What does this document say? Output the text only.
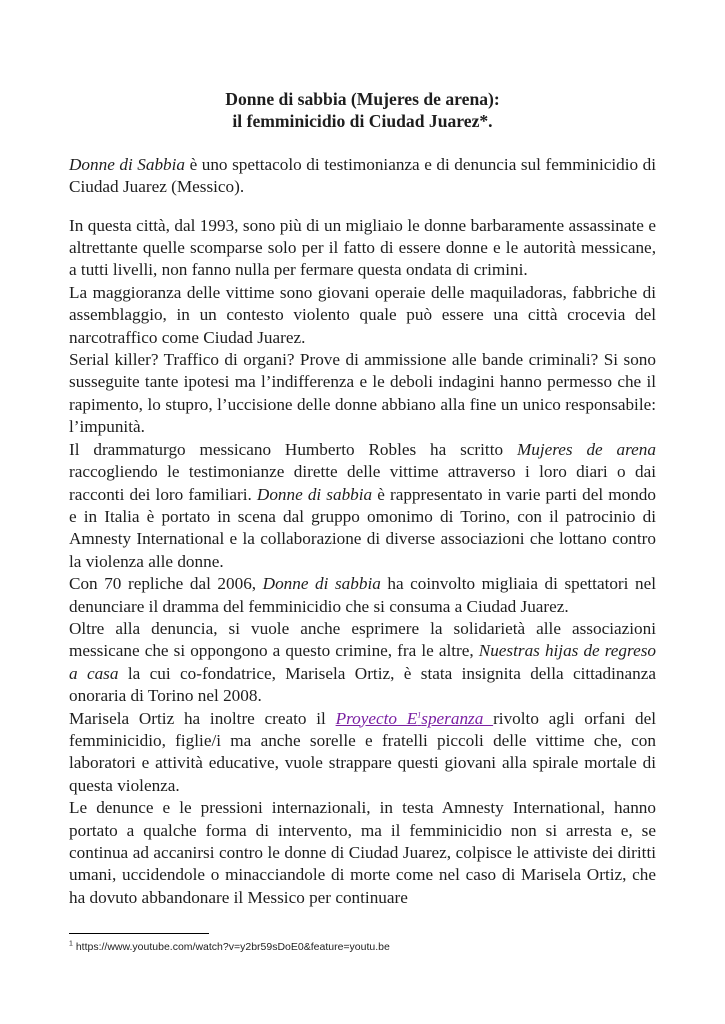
Donne di sabbia (Mujeres de arena):
il femminicidio di Ciudad Juarez*.

Donne di Sabbia è uno spettacolo di testimonianza e di denuncia sul femminicidio di Ciudad Juarez (Messico).

In questa città, dal 1993, sono più di un migliaio le donne barbaramente assassinate e altrettante quelle scomparse solo per il fatto di essere donne e le autorità messicane, a tutti livelli, non fanno nulla per fermare questa ondata di crimini.

La maggioranza delle vittime sono giovani operaie delle maquiladoras, fabbriche di assemblaggio, in un contesto violento quale può essere una città crocevia del narcotraffico come Ciudad Juarez.

Serial killer? Traffico di organi? Prove di ammissione alle bande criminali? Si sono susseguite tante ipotesi ma l’indifferenza e le deboli indagini hanno permesso che il rapimento, lo stupro, l’uccisione delle donne abbiano alla fine un unico responsabile: l’impunità.

Il drammaturgo messicano Humberto Robles ha scritto Mujeres de arena raccogliendo le testimonianze dirette delle vittime attraverso i loro diari o dai racconti dei loro familiari. Donne di sabbia è rappresentato in varie parti del mondo e in Italia è portato in scena dal gruppo omonimo di Torino, con il patrocinio di Amnesty International e la collaborazione di diverse associazioni che lottano contro la violenza alle donne.

Con 70 repliche dal 2006, Donne di sabbia ha coinvolto migliaia di spettatori nel denunciare il dramma del femminicidio che si consuma a Ciudad Juarez.

Oltre alla denuncia, si vuole anche esprimere la solidarietà alle associazioni messicane che si oppongono a questo crimine, fra le altre, Nuestras hijas de regreso a casa la cui co-fondatrice, Marisela Ortiz, è stata insignita della cittadinanza onoraria di Torino nel 2008.

Marisela Ortiz ha inoltre creato il Proyecto $E^1speranza$ rivolto agli orfani del femminicidio, figlie/i ma anche sorelle e fratelli piccoli delle vittime che, con laboratori e attività educative, vuole strappare questi giovani alla spirale mortale di questa violenza.

Le denunce e le pressioni internazionali, in testa Amnesty International, hanno portato a qualche forma di intervento, ma il femminicidio non si arresta e, se continua ad accanirsi contro le donne di Ciudad Juarez, colpisce le attiviste dei diritti umani, uccidendole o minacciandole di morte come nel caso di Marisela Ortiz, che ha dovuto abbandonare il Messico per continuare

$^1$ https://www.youtube.com/watch?v=y2br59sDoE0&feature=youtu.be
